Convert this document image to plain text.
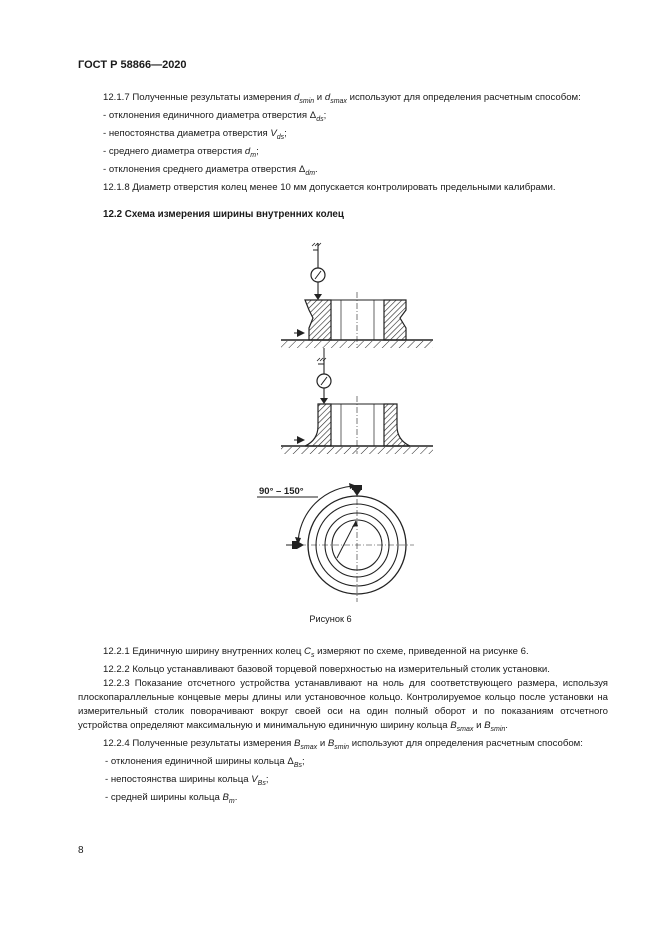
ГОСТ Р 58866—2020

12.1.7 Полученные результаты измерения $d_{smin}$ и $d_{smax}$ используют для определения расчетным способом:

- отклонения единичного диаметра отверстия $\Delta_{ds}$;

- непостоянства диаметра отверстия $V_{ds}$;

- среднего диаметра отверстия $d_m$;

- отклонения среднего диаметра отверстия $\Delta_{dm}$.

12.1.8 Диаметр отверстия колец менее 10 мм допускается контролировать предельными калибрами.

12.2 Схема измерения ширины внутренних колец

90° – 150°
Рисунок 6

12.2.1 Единичную ширину внутренних колец $C_s$ измеряют по схеме, приведенной на рисунке 6.

12.2.2 Кольцо устанавливают базовой торцевой поверхностью на измерительный столик установки.

12.2.3 Показание отсчетного устройства устанавливают на ноль для соответствующего размера, используя плоскопараллельные концевые меры длины или установочное кольцо. Контролируемое кольцо после установки на измерительный столик поворачивают вокруг своей оси на один полный оборот и по показаниям отсчетного устройства определяют максимальную и минимальную единичную ширину кольца $B_{smax}$ и $B_{smin}$.

12.2.4 Полученные результаты измерения $B_{smax}$ и $B_{smin}$ используют для определения расчетным способом:

- отклонения единичной ширины кольца $\Delta_{Bs}$;

- непостоянства ширины кольца $V_{Bs}$;

- средней ширины кольца $B_m$.

8
